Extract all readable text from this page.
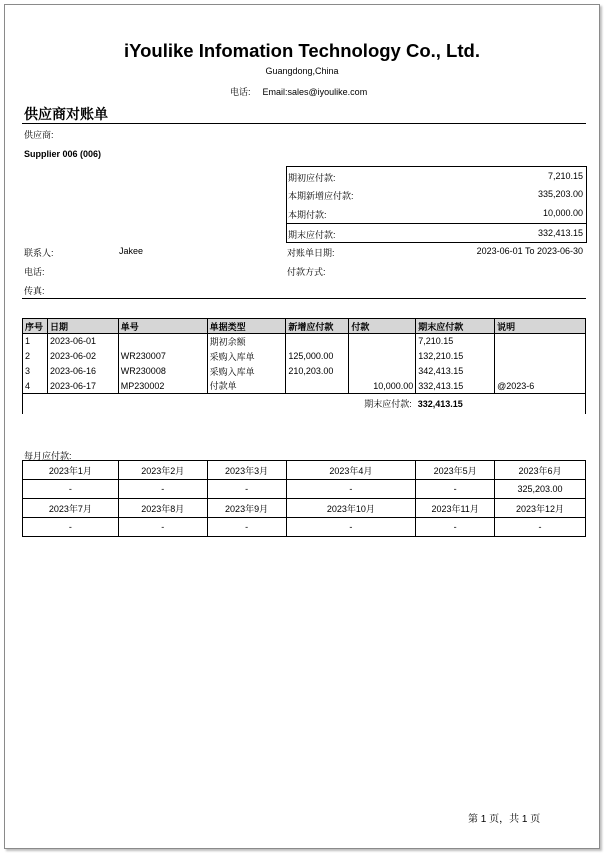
iYoulike Infomation Technology Co., Ltd.
Guangdong,China
电话: Email:sales@iyoulike.com
供应商对账单
供应商:
Supplier 006 (006)
期初应付款:	7,210.15
本期新增应付款:	335,203.00
本期付款:	10,000.00
期末应付款:	332,413.15
联系人:	Jakee
电话:
传真:
对账单日期:	2023-06-01 To 2023-06-30
付款方式:
序号	日期	单号	单据类型	新增应付款	付款	期末应付款	说明
1	2023-06-01		期初余额			7,210.15	
2	2023-06-02	WR230007	采购入库单	125,000.00		132,210.15	
3	2023-06-16	WR230008	采购入库单	210,203.00		342,413.15	
4	2023-06-17	MP230002	付款单		10,000.00	332,413.15	@2023-6
					期末应付款:	332,413.15	
每月应付款:
2023年1月	2023年2月	2023年3月	2023年4月	2023年5月	2023年6月
-	-	-	-	-	325,203.00
2023年7月	2023年8月	2023年9月	2023年10月	2023年11月	2023年12月
-	-	-	-	-	-
第 1 页，共 1 页
